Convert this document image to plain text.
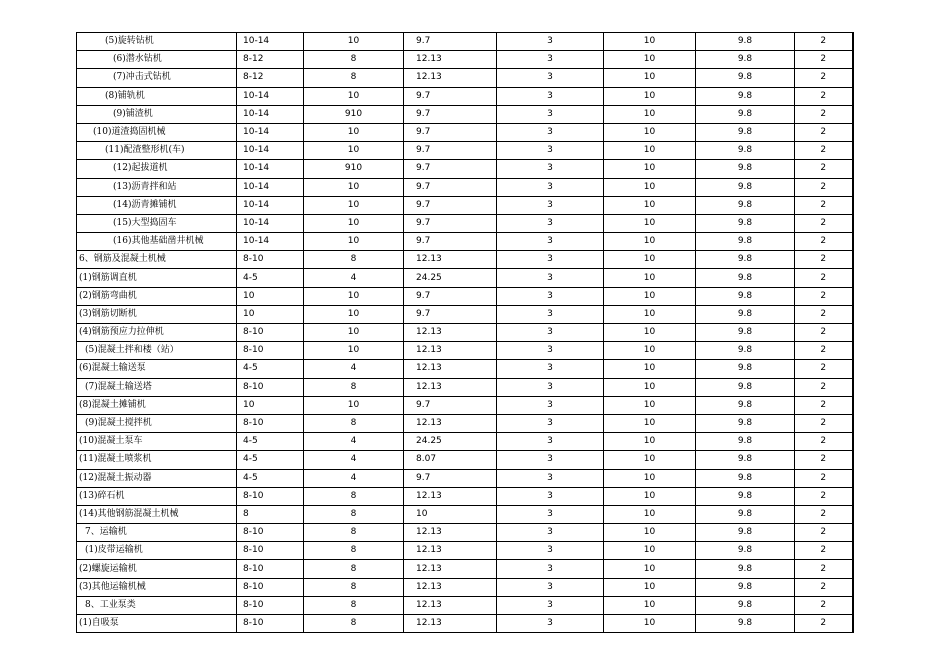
(5)旋转钻机	10-14	10	9.7	3	10	9.8	2
(6)潜水钻机	8-12	8	12.13	3	10	9.8	2
(7)冲击式钻机	8-12	8	12.13	3	10	9.8	2
(8)铺轨机	10-14	10	9.7	3	10	9.8	2
(9)铺渣机	10-14	910	9.7	3	10	9.8	2
(10)道渣捣固机械	10-14	10	9.7	3	10	9.8	2
(11)配渣整形机(车)	10-14	10	9.7	3	10	9.8	2
(12)起拔道机	10-14	910	9.7	3	10	9.8	2
(13)沥青拌和站	10-14	10	9.7	3	10	9.8	2
(14)沥青摊铺机	10-14	10	9.7	3	10	9.8	2
(15)大型捣固车	10-14	10	9.7	3	10	9.8	2
(16)其他基础凿井机械	10-14	10	9.7	3	10	9.8	2
6、钢筋及混凝土机械	8-10	8	12.13	3	10	9.8	2
(1)钢筋调直机	4-5	4	24.25	3	10	9.8	2
(2)钢筋弯曲机	10	10	9.7	3	10	9.8	2
(3)钢筋切断机	10	10	9.7	3	10	9.8	2
(4)钢筋预应力拉伸机	8-10	10	12.13	3	10	9.8	2
(5)混凝土拌和楼（站）	8-10	10	12.13	3	10	9.8	2
(6)混凝土输送泵	4-5	4	12.13	3	10	9.8	2
(7)混凝土输送塔	8-10	8	12.13	3	10	9.8	2
(8)混凝土摊铺机	10	10	9.7	3	10	9.8	2
(9)混凝土搅拌机	8-10	8	12.13	3	10	9.8	2
(10)混凝土泵车	4-5	4	24.25	3	10	9.8	2
(11)混凝土喷浆机	4-5	4	8.07	3	10	9.8	2
(12)混凝土振动器	4-5	4	9.7	3	10	9.8	2
(13)碎石机	8-10	8	12.13	3	10	9.8	2
(14)其他钢筋混凝土机械	8	8	10	3	10	9.8	2
7、运输机	8-10	8	12.13	3	10	9.8	2
(1)皮带运输机	8-10	8	12.13	3	10	9.8	2
(2)螺旋运输机	8-10	8	12.13	3	10	9.8	2
(3)其他运输机械	8-10	8	12.13	3	10	9.8	2
8、工业泵类	8-10	8	12.13	3	10	9.8	2
(1)自吸泵	8-10	8	12.13	3	10	9.8	2
